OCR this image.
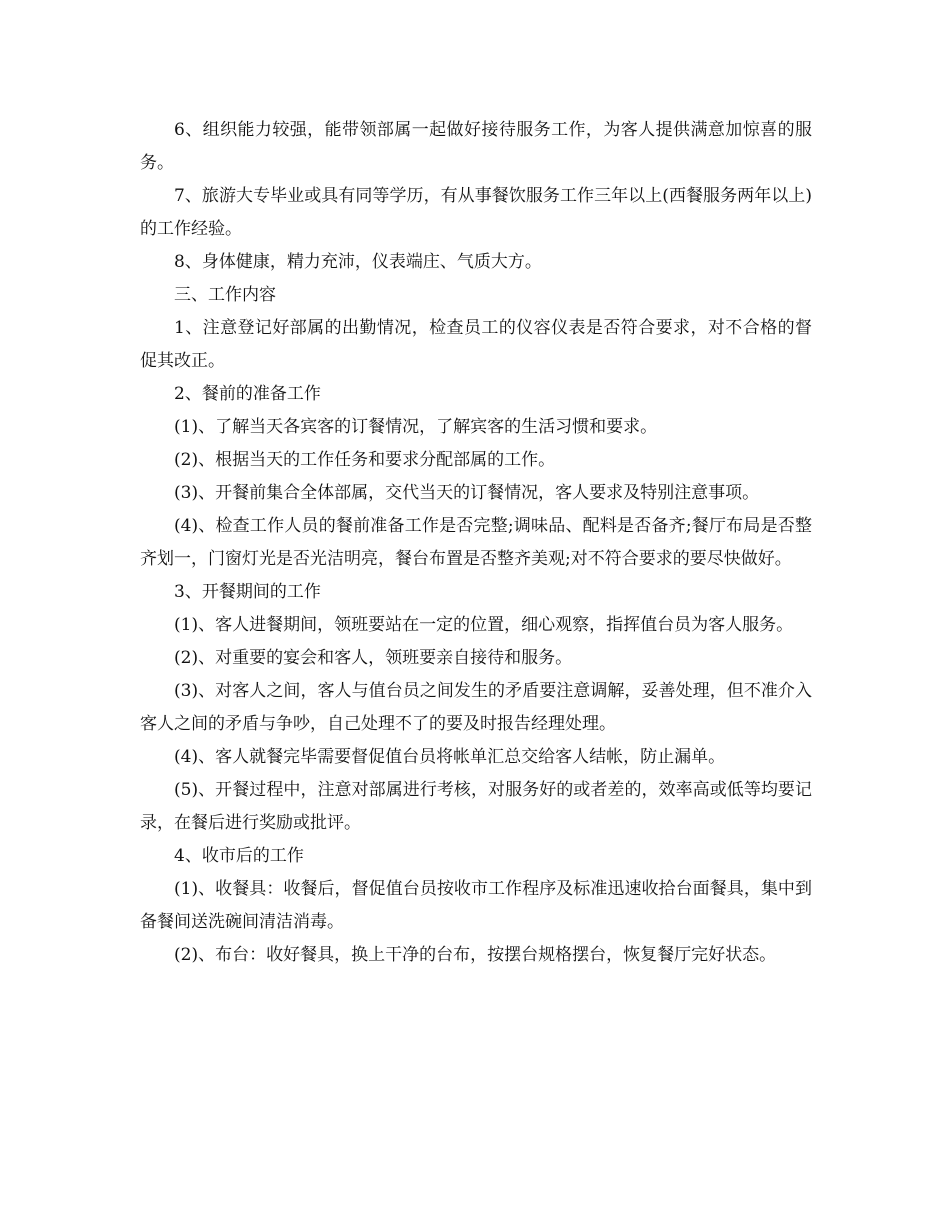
6、组织能力较强，能带领部属一起做好接待服务工作，为客人提供满意加惊喜的服务。

7、旅游大专毕业或具有同等学历，有从事餐饮服务工作三年以上(西餐服务两年以上)的工作经验。

8、身体健康，精力充沛，仪表端庄、气质大方。

三、工作内容

1、注意登记好部属的出勤情况，检查员工的仪容仪表是否符合要求，对不合格的督促其改正。

2、餐前的准备工作

(1)、了解当天各宾客的订餐情况，了解宾客的生活习惯和要求。

(2)、根据当天的工作任务和要求分配部属的工作。

(3)、开餐前集合全体部属，交代当天的订餐情况，客人要求及特别注意事项。

(4)、检查工作人员的餐前准备工作是否完整;调味品、配料是否备齐;餐厅布局是否整齐划一，门窗灯光是否光洁明亮，餐台布置是否整齐美观;对不符合要求的要尽快做好。

3、开餐期间的工作

(1)、客人进餐期间，领班要站在一定的位置，细心观察，指挥值台员为客人服务。

(2)、对重要的宴会和客人，领班要亲自接待和服务。

(3)、对客人之间，客人与值台员之间发生的矛盾要注意调解，妥善处理，但不准介入客人之间的矛盾与争吵，自己处理不了的要及时报告经理处理。

(4)、客人就餐完毕需要督促值台员将帐单汇总交给客人结帐，防止漏单。

(5)、开餐过程中，注意对部属进行考核，对服务好的或者差的，效率高或低等均要记录，在餐后进行奖励或批评。

4、收市后的工作

(1)、收餐具：收餐后，督促值台员按收市工作程序及标准迅速收拾台面餐具，集中到备餐间送洗碗间清洁消毒。

(2)、布台：收好餐具，换上干净的台布，按摆台规格摆台，恢复餐厅完好状态。
